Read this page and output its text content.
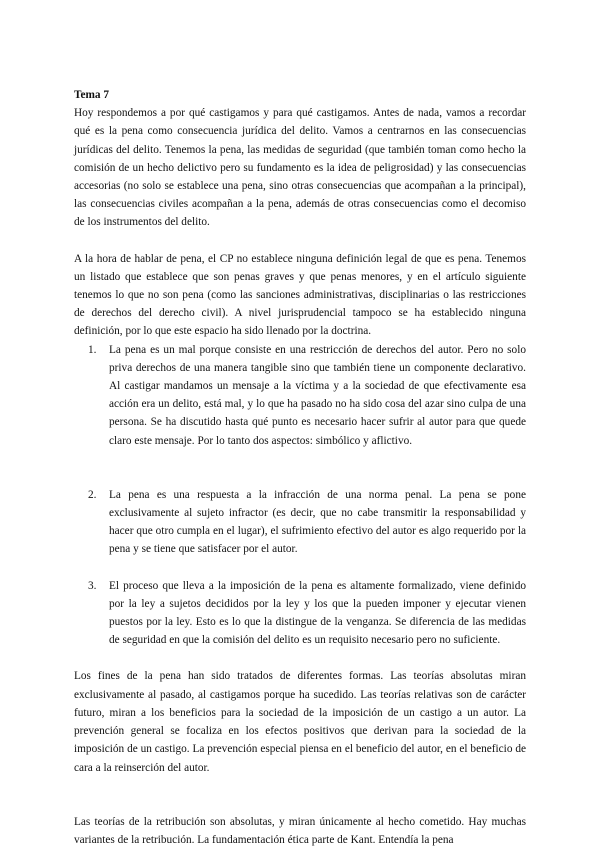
Tema 7

Hoy respondemos a por qué castigamos y para qué castigamos. Antes de nada, vamos a recordar qué es la pena como consecuencia jurídica del delito. Vamos a centrarnos en las consecuencias jurídicas del delito. Tenemos la pena, las medidas de seguridad (que también toman como hecho la comisión de un hecho delictivo pero su fundamento es la idea de peligrosidad) y las consecuencias accesorias (no solo se establece una pena, sino otras consecuencias que acompañan a la principal), las consecuencias civiles acompañan a la pena, además de otras consecuencias como el decomiso de los instrumentos del delito.

A la hora de hablar de pena, el CP no establece ninguna definición legal de que es pena. Tenemos un listado que establece que son penas graves y que penas menores, y en el artículo siguiente tenemos lo que no son pena (como las sanciones administrativas, disciplinarias o las restricciones de derechos del derecho civil). A nivel jurisprudencial tampoco se ha establecido ninguna definición, por lo que este espacio ha sido llenado por la doctrina.

1. La pena es un mal porque consiste en una restricción de derechos del autor. Pero no solo priva derechos de una manera tangible sino que también tiene un componente declarativo. Al castigar mandamos un mensaje a la víctima y a la sociedad de que efectivamente esa acción era un delito, está mal, y lo que ha pasado no ha sido cosa del azar sino culpa de una persona. Se ha discutido hasta qué punto es necesario hacer sufrir al autor para que quede claro este mensaje. Por lo tanto dos aspectos: simbólico y aflictivo.

2. La pena es una respuesta a la infracción de una norma penal. La pena se pone exclusivamente al sujeto infractor (es decir, que no cabe transmitir la responsabilidad y hacer que otro cumpla en el lugar), el sufrimiento efectivo del autor es algo requerido por la pena y se tiene que satisfacer por el autor.

3. El proceso que lleva a la imposición de la pena es altamente formalizado, viene definido por la ley a sujetos decididos por la ley y los que la pueden imponer y ejecutar vienen puestos por la ley. Esto es lo que la distingue de la venganza. Se diferencia de las medidas de seguridad en que la comisión del delito es un requisito necesario pero no suficiente.

Los fines de la pena han sido tratados de diferentes formas. Las teorías absolutas miran exclusivamente al pasado, al castigamos porque ha sucedido. Las teorías relativas son de carácter futuro, miran a los beneficios para la sociedad de la imposición de un castigo a un autor. La prevención general se focaliza en los efectos positivos que derivan para la sociedad de la imposición de un castigo. La prevención especial piensa en el beneficio del autor, en el beneficio de cara a la reinserción del autor.

Las teorías de la retribución son absolutas, y miran únicamente al hecho cometido. Hay muchas variantes de la retribución. La fundamentación ética parte de Kant. Entendía la pena
